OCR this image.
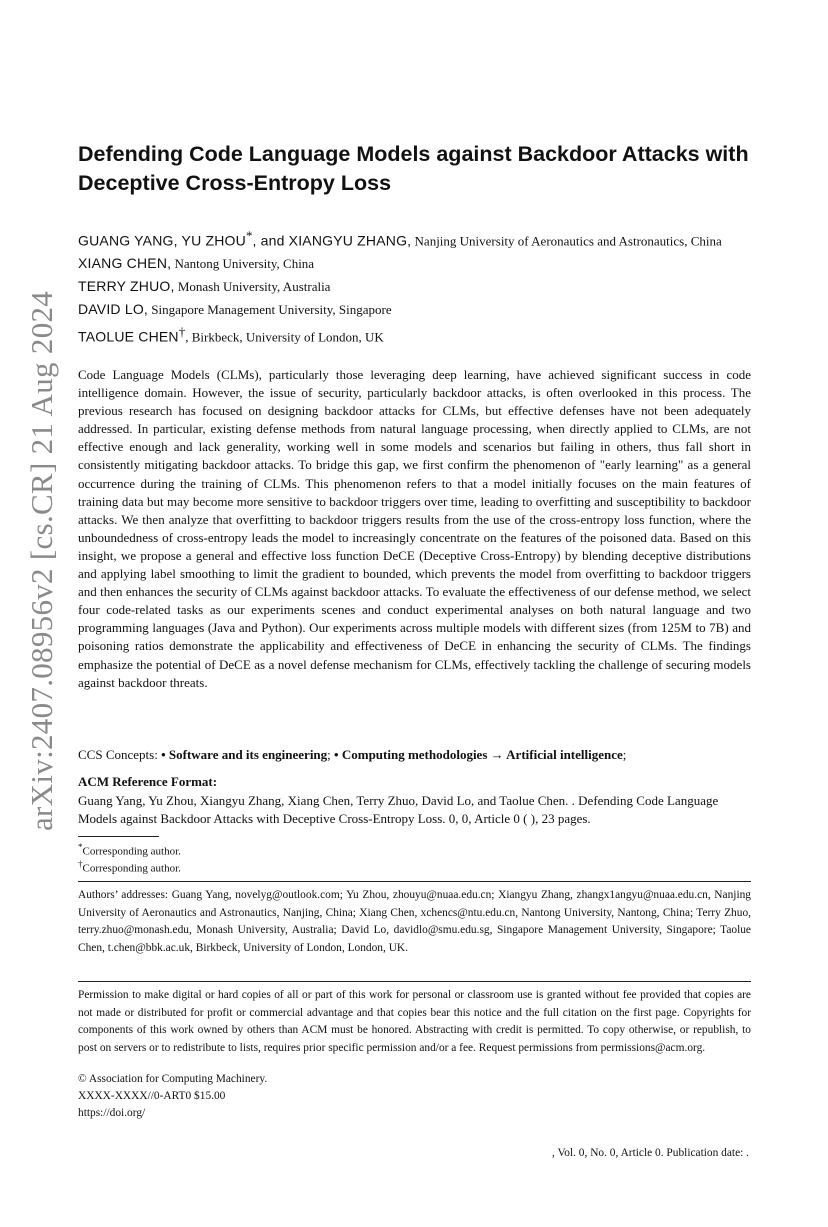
arXiv:2407.08956v2 [cs.CR] 21 Aug 2024
Defending Code Language Models against Backdoor Attacks with Deceptive Cross-Entropy Loss
GUANG YANG, YU ZHOU*, and XIANGYU ZHANG, Nanjing University of Aeronautics and Astronautics, China
XIANG CHEN, Nantong University, China
TERRY ZHUO, Monash University, Australia
DAVID LO, Singapore Management University, Singapore
TAOLUE CHEN†, Birkbeck, University of London, UK

Code Language Models (CLMs), particularly those leveraging deep learning, have achieved significant success in code intelligence domain. However, the issue of security, particularly backdoor attacks, is often overlooked in this process. The previous research has focused on designing backdoor attacks for CLMs, but effective defenses have not been adequately addressed. In particular, existing defense methods from natural language processing, when directly applied to CLMs, are not effective enough and lack generality, working well in some models and scenarios but failing in others, thus fall short in consistently mitigating backdoor attacks. To bridge this gap, we first confirm the phenomenon of "early learning" as a general occurrence during the training of CLMs. This phenomenon refers to that a model initially focuses on the main features of training data but may become more sensitive to backdoor triggers over time, leading to overfitting and susceptibility to backdoor attacks. We then analyze that overfitting to backdoor triggers results from the use of the cross-entropy loss function, where the unboundedness of cross-entropy leads the model to increasingly concentrate on the features of the poisoned data. Based on this insight, we propose a general and effective loss function DeCE (Deceptive Cross-Entropy) by blending deceptive distributions and applying label smoothing to limit the gradient to bounded, which prevents the model from overfitting to backdoor triggers and then enhances the security of CLMs against backdoor attacks. To evaluate the effectiveness of our defense method, we select four code-related tasks as our experiments scenes and conduct experimental analyses on both natural language and two programming languages (Java and Python). Our experiments across multiple models with different sizes (from 125M to 7B) and poisoning ratios demonstrate the applicability and effectiveness of DeCE in enhancing the security of CLMs. The findings emphasize the potential of DeCE as a novel defense mechanism for CLMs, effectively tackling the challenge of securing models against backdoor threats.

CCS Concepts: • Software and its engineering; • Computing methodologies → Artificial intelligence;
ACM Reference Format:

Guang Yang, Yu Zhou, Xiangyu Zhang, Xiang Chen, Terry Zhuo, David Lo, and Taolue Chen. . Defending Code Language Models against Backdoor Attacks with Deceptive Cross-Entropy Loss. 0, 0, Article 0 ( ), 23 pages.

*Corresponding author.
†Corresponding author.

Authors’ addresses: Guang Yang, novelyg@outlook.com; Yu Zhou, zhouyu@nuaa.edu.cn; Xiangyu Zhang, zhangx1angyu@nuaa.edu.cn, Nanjing University of Aeronautics and Astronautics, Nanjing, China; Xiang Chen, xchencs@ntu.edu.cn, Nantong University, Nantong, China; Terry Zhuo, terry.zhuo@monash.edu, Monash University, Australia; David Lo, davidlo@smu.edu.sg, Singapore Management University, Singapore; Taolue Chen, t.chen@bbk.ac.uk, Birkbeck, University of London, London, UK.

Permission to make digital or hard copies of all or part of this work for personal or classroom use is granted without fee provided that copies are not made or distributed for profit or commercial advantage and that copies bear this notice and the full citation on the first page. Copyrights for components of this work owned by others than ACM must be honored. Abstracting with credit is permitted. To copy otherwise, or republish, to post on servers or to redistribute to lists, requires prior specific permission and/or a fee. Request permissions from permissions@acm.org.

© Association for Computing Machinery.
XXXX-XXXX//0-ART0 $15.00
https://doi.org/
, Vol. 0, No. 0, Article 0. Publication date: .
